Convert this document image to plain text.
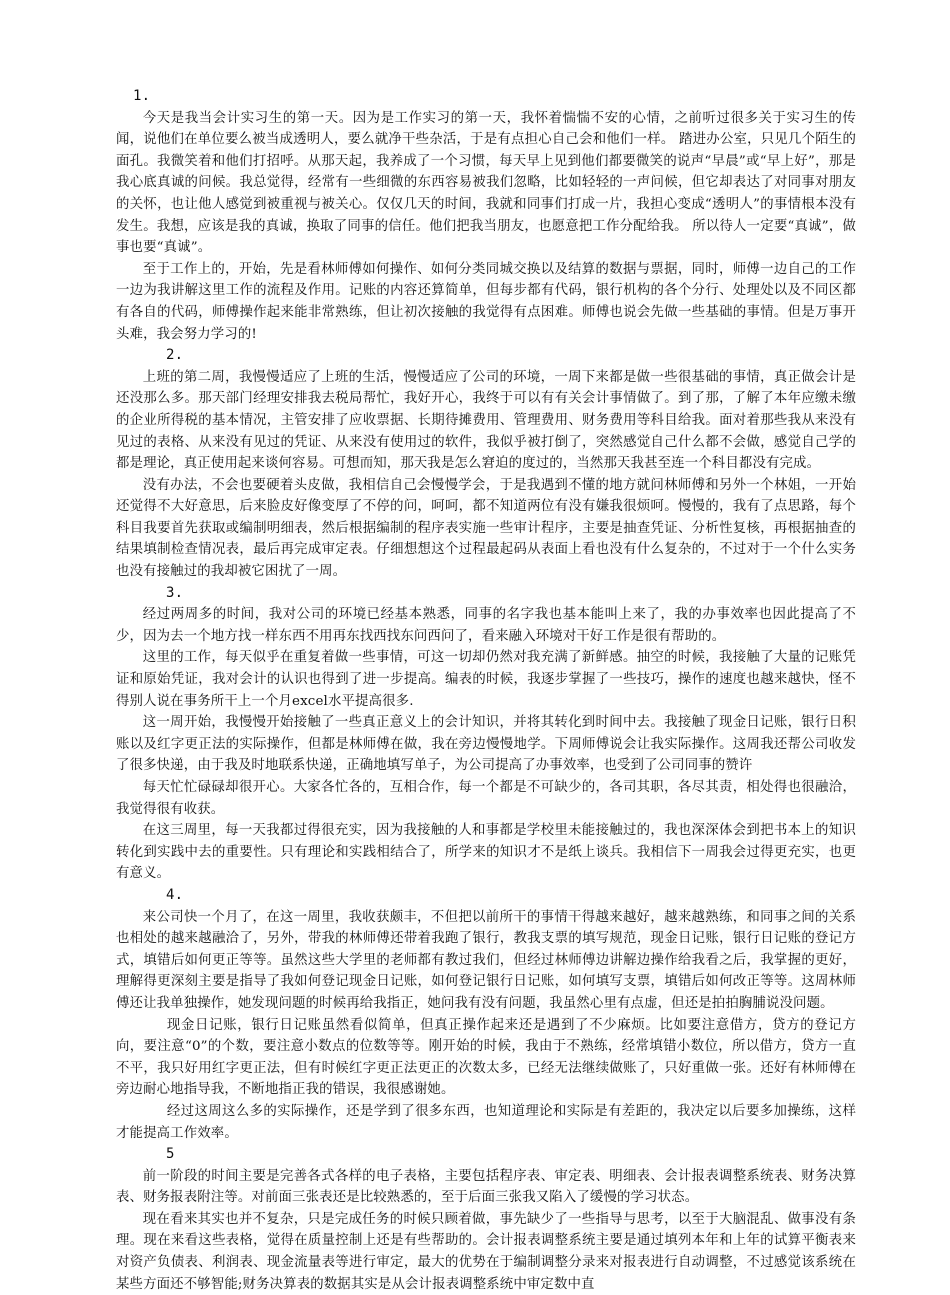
1.

今天是我当会计实习生的第一天。因为是工作实习的第一天，我怀着惴惴不安的心情，之前听过很多关于实习生的传闻，说他们在单位要么被当成透明人，要么就净干些杂活，于是有点担心自己会和他们一样。 踏进办公室，只见几个陌生的面孔。我微笑着和他们打招呼。从那天起，我养成了一个习惯，每天早上见到他们都要微笑的说声“早晨”或“早上好”，那是我心底真诚的问候。我总觉得，经常有一些细微的东西容易被我们忽略，比如轻轻的一声问候，但它却表达了对同事对朋友的关怀，也让他人感觉到被重视与被关心。仅仅几天的时间，我就和同事们打成一片，我担心变成“透明人”的事情根本没有发生。我想，应该是我的真诚，换取了同事的信任。他们把我当朋友，也愿意把工作分配给我。 所以待人一定要“真诚”，做事也要“真诚”。

至于工作上的，开始，先是看林师傅如何操作、如何分类同城交换以及结算的数据与票据，同时，师傅一边自己的工作一边为我讲解这里工作的流程及作用。记账的内容还算简单，但每步都有代码，银行机构的各个分行、处理处以及不同区都有各自的代码，师傅操作起来能非常熟练，但让初次接触的我觉得有点困难。师傅也说会先做一些基础的事情。但是万事开头难，我会努力学习的!

2.

上班的第二周，我慢慢适应了上班的生活，慢慢适应了公司的环境，一周下来都是做一些很基础的事情，真正做会计是还没那么多。那天部门经理安排我去税局帮忙，我好开心，我终于可以有有关会计事情做了。到了那，了解了本年应缴未缴的企业所得税的基本情况，主管安排了应收票据、长期待摊费用、管理费用、财务费用等科目给我。面对着那些我从来没有见过的表格、从来没有见过的凭证、从来没有使用过的软件，我似乎被打倒了，突然感觉自己什么都不会做，感觉自己学的都是理论，真正使用起来谈何容易。可想而知，那天我是怎么窘迫的度过的，当然那天我甚至连一个科目都没有完成。

没有办法，不会也要硬着头皮做，我相信自己会慢慢学会，于是我遇到不懂的地方就问林师傅和另外一个林姐，一开始还觉得不大好意思，后来脸皮好像变厚了不停的问，呵呵，都不知道两位有没有嫌我很烦呵。慢慢的，我有了点思路，每个科目我要首先获取或编制明细表，然后根据编制的程序表实施一些审计程序，主要是抽查凭证、分析性复核，再根据抽查的结果填制检查情况表，最后再完成审定表。仔细想想这个过程最起码从表面上看也没有什么复杂的，不过对于一个什么实务也没有接触过的我却被它困扰了一周。

3.

经过两周多的时间，我对公司的环境已经基本熟悉，同事的名字我也基本能叫上来了，我的办事效率也因此提高了不少，因为去一个地方找一样东西不用再东找西找东问西问了，看来融入环境对干好工作是很有帮助的。

这里的工作，每天似乎在重复着做一些事情，可这一切却仍然对我充满了新鲜感。抽空的时候，我接触了大量的记账凭证和原始凭证，我对会计的认识也得到了进一步提高。编表的时候，我逐步掌握了一些技巧，操作的速度也越来越快，怪不得别人说在事务所干上一个月excel水平提高很多.

这一周开始，我慢慢开始接触了一些真正意义上的会计知识，并将其转化到时间中去。我接触了现金日记账，银行日积账以及红字更正法的实际操作，但都是林师傅在做，我在旁边慢慢地学。下周师傅说会让我实际操作。这周我还帮公司收发了很多快递，由于我及时地联系快递，正确地填写单子，为公司提高了办事效率，也受到了公司同事的赞许

每天忙忙碌碌却很开心。大家各忙各的，互相合作，每一个都是不可缺少的，各司其职，各尽其责，相处得也很融洽，我觉得很有收获。

在这三周里，每一天我都过得很充实，因为我接触的人和事都是学校里未能接触过的，我也深深体会到把书本上的知识转化到实践中去的重要性。只有理论和实践相结合了，所学来的知识才不是纸上谈兵。我相信下一周我会过得更充实，也更有意义。

4.

来公司快一个月了，在这一周里，我收获颇丰，不但把以前所干的事情干得越来越好，越来越熟练，和同事之间的关系也相处的越来越融洽了，另外，带我的林师傅还带着我跑了银行，教我支票的填写规范，现金日记账，银行日记账的登记方式，填错后如何更正等等。虽然这些大学里的老师都有教过我们，但经过林师傅边讲解边操作给我看之后，我掌握的更好，理解得更深刻主要是指导了我如何登记现金日记账，如何登记银行日记账，如何填写支票，填错后如何改正等等。这周林师傅还让我单独操作，她发现问题的时候再给我指正，她问我有没有问题，我虽然心里有点虚，但还是拍拍胸脯说没问题。

现金日记账，银行日记账虽然看似简单，但真正操作起来还是遇到了不少麻烦。比如要注意借方，贷方的登记方向，要注意“0”的个数，要注意小数点的位数等等。刚开始的时候，我由于不熟练，经常填错小数位，所以借方，贷方一直不平，我只好用红字更正法，但有时候红字更正法更正的次数太多，已经无法继续做账了，只好重做一张。还好有林师傅在旁边耐心地指导我，不断地指正我的错误，我很感谢她。

经过这周这么多的实际操作，还是学到了很多东西，也知道理论和实际是有差距的，我决定以后要多加操练，这样才能提高工作效率。

5

前一阶段的时间主要是完善各式各样的电子表格，主要包括程序表、审定表、明细表、会计报表调整系统表、财务决算表、财务报表附注等。对前面三张表还是比较熟悉的，至于后面三张我又陷入了缓慢的学习状态。

现在看来其实也并不复杂，只是完成任务的时候只顾着做，事先缺少了一些指导与思考，以至于大脑混乱、做事没有条理。现在来看这些表格，觉得在质量控制上还是有些帮助的。会计报表调整系统主要是通过填列本年和上年的试算平衡表来对资产负债表、利润表、现金流量表等进行审定，最大的优势在于编制调整分录来对报表进行自动调整，不过感觉该系统在某些方面还不够智能;财务决算表的数据其实是从会计报表调整系统中审定数中直
